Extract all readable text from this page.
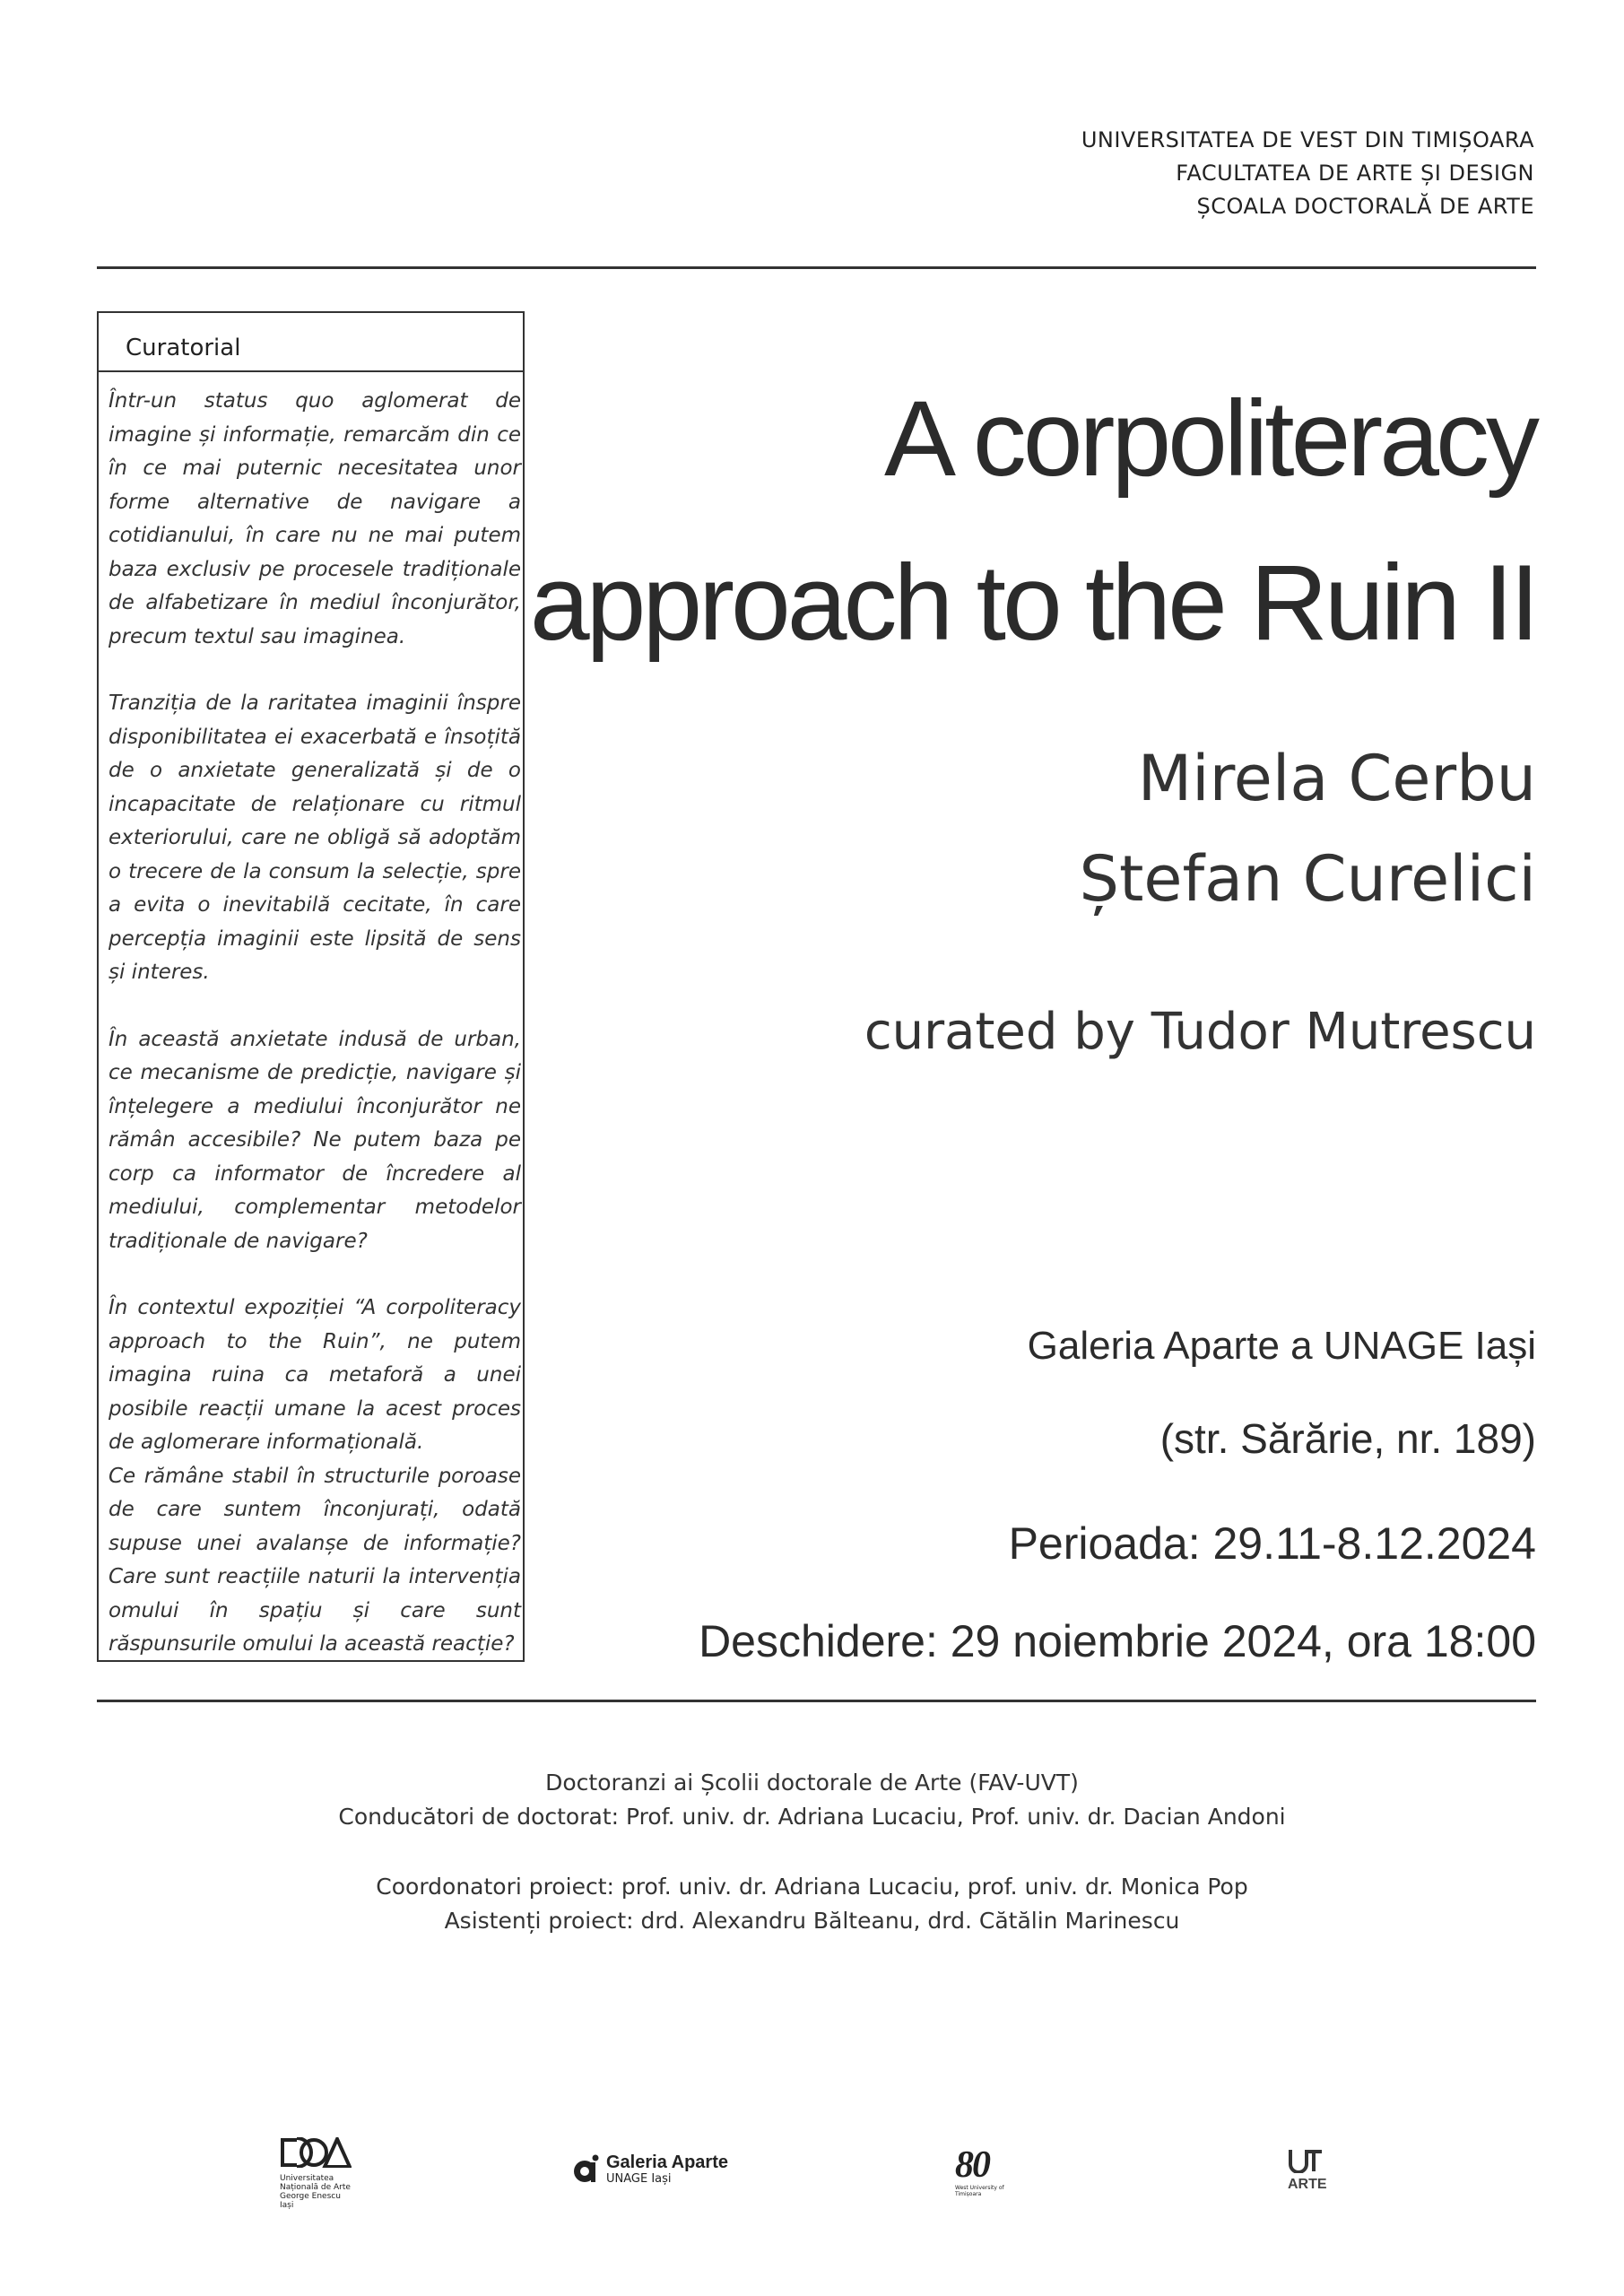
UNIVERSITATEA DE VEST DIN TIMIȘOARA
FACULTATEA DE ARTE ȘI DESIGN
ȘCOALA DOCTORALĂ DE ARTE
Curatorial

Într-un status quo aglomerat de imagine și informație, remarcăm din ce în ce mai puternic necesitatea unor forme alternative de navigare a cotidianului, în care nu ne mai putem baza exclusiv pe procesele tradiționale de alfabetizare în mediul înconjurător, precum textul sau imaginea.

Tranziția de la raritatea imaginii înspre disponibilitatea ei exacerbată e însoțită de o anxietate generalizată și de o incapacitate de relaționare cu ritmul exteriorului, care ne obligă să adoptăm o trecere de la consum la selecție, spre a evita o inevitabilă cecitate, în care percepția imaginii este lipsită de sens și interes.

În această anxietate indusă de urban, ce mecanisme de predicție, navigare și înțelegere a mediului înconjurător ne rămân accesibile? Ne putem baza pe corp ca informator de încredere al mediului, complementar metodelor tradiționale de navigare?

În contextul expoziției “A corpoliteracy approach to the Ruin”, ne putem imagina ruina ca metaforă a unei posibile reacții umane la acest proces de aglomerare informațională.

Ce rămâne stabil în structurile poroase de care suntem înconjurați, odată supuse unei avalanșe de informație? Care sunt reacțiile naturii la intervenția omului în spațiu și care sunt răspunsurile omului la această reacție?

A corpoliteracy
approach to the Ruin II
Mirela Cerbu
Ștefan Curelici
curated by Tudor Mutrescu
Galeria Aparte a UNAGE Iași
(str. Sărărie, nr. 189)
Perioada: 29.11-8.12.2024
Deschidere: 29 noiembrie 2024, ora 18:00
Doctoranzi ai Școlii doctorale de Arte (FAV-UVT)
Conducători de doctorat: Prof. univ. dr. Adriana Lucaciu, Prof. univ. dr. Dacian Andoni
Coordonatori proiect: prof. univ. dr. Adriana Lucaciu, prof. univ. dr. Monica Pop
Asistenți proiect: drd. Alexandru Bălteanu, drd. Cătălin Marinescu
Universitatea Națională de Arte
George Enescu
Iași
Galeria Aparte
UNAGE Iași	80
West University of Timișoara
ARTE
